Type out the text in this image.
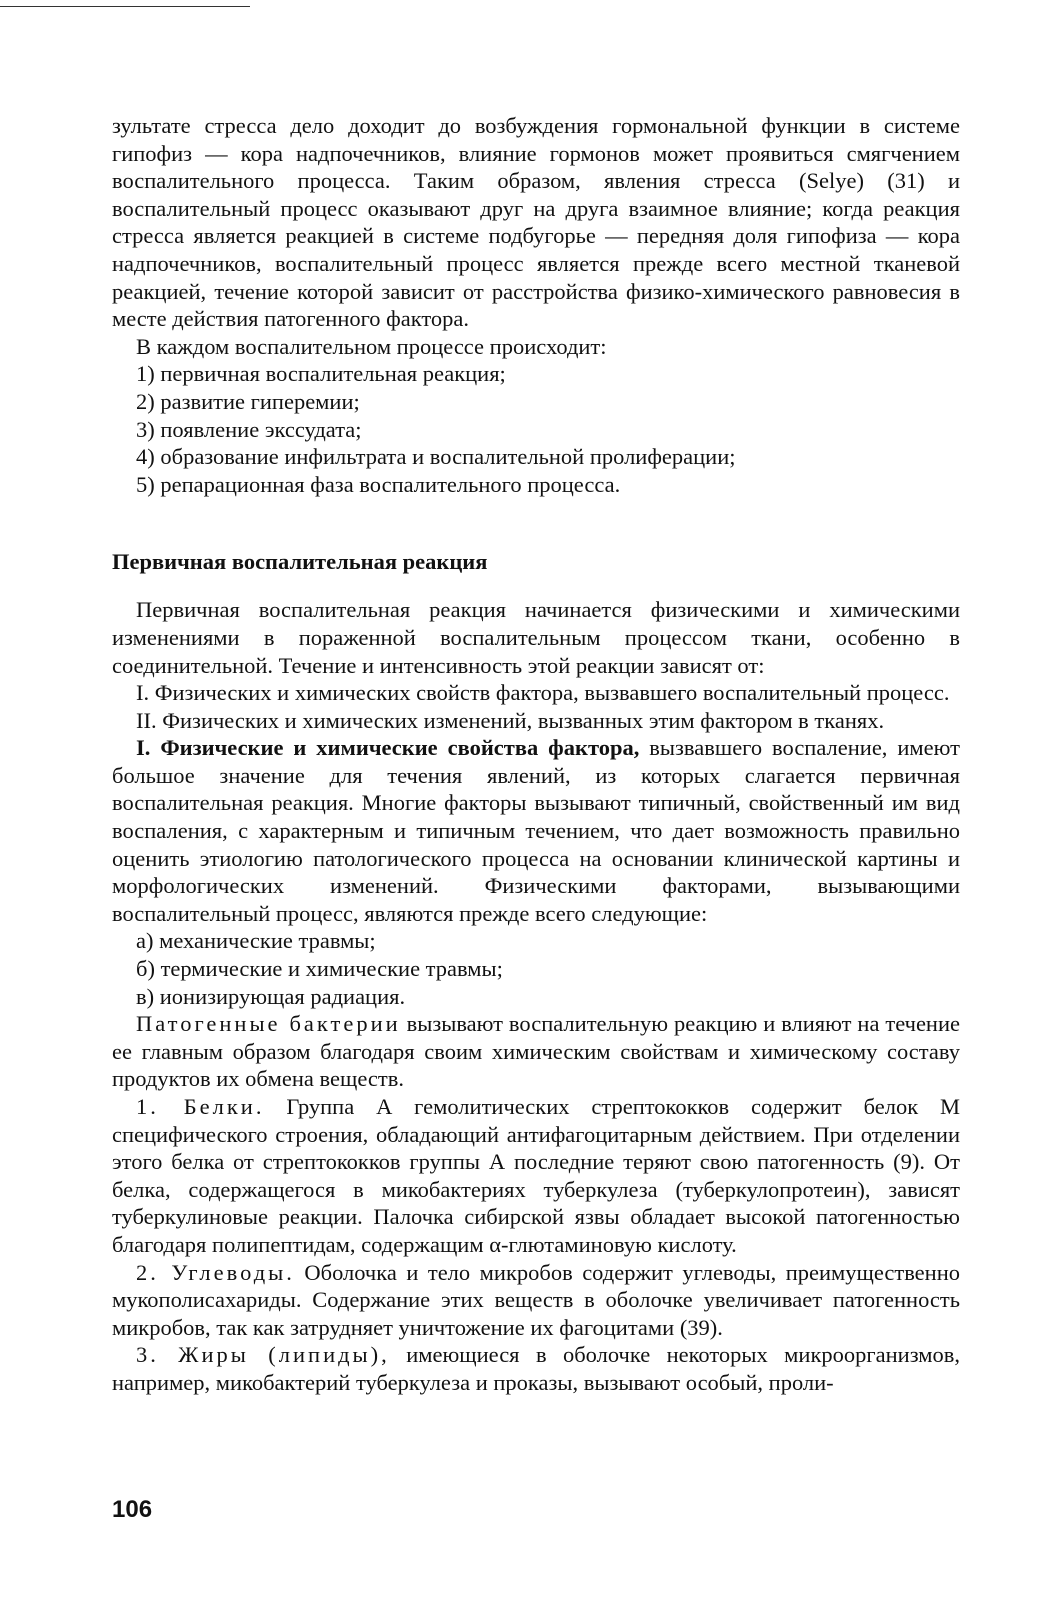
зультате стресса дело доходит до возбуждения гормональной функции в системе гипофиз — кора надпочечников, влияние гормонов может проявиться смягчением воспалительного процесса. Таким образом, явления стресса (Selye) (31) и воспалительный процесс оказывают друг на друга взаимное влияние; когда реакция стресса является реакцией в системе подбугорье — передняя доля гипофиза — кора надпочечников, воспалительный процесс является прежде всего местной тканевой реакцией, течение которой зависит от расстройства физико-химического равновесия в месте действия патогенного фактора.

В каждом воспалительном процессе происходит:

1) первичная воспалительная реакция;

2) развитие гиперемии;

3) появление экссудата;

4) образование инфильтрата и воспалительной пролиферации;

5) репарационная фаза воспалительного процесса.

Первичная воспалительная реакция

Первичная воспалительная реакция начинается физическими и химическими изменениями в пораженной воспалительным процессом ткани, особенно в соединительной. Течение и интенсивность этой реакции зависят от:

I. Физических и химических свойств фактора, вызвавшего воспалительный процесс.

II. Физических и химических изменений, вызванных этим фактором в тканях.

I. Физические и химические свойства фактора, вызвавшего воспаление, имеют большое значение для течения явлений, из которых слагается первичная воспалительная реакция. Многие факторы вызывают типичный, свойственный им вид воспаления, с характерным и типичным течением, что дает возможность правильно оценить этиологию патологического процесса на основании клинической картины и морфологических изменений. Физическими факторами, вызывающими воспалительный процесс, являются прежде всего следующие:

а) механические травмы;

б) термические и химические травмы;

в) ионизирующая радиация.

Патогенные бактерии вызывают воспалительную реакцию и влияют на течение ее главным образом благодаря своим химическим свойствам и химическому составу продуктов их обмена веществ.

1. Белки. Группа А гемолитических стрептококков содержит белок М специфического строения, обладающий антифагоцитарным действием. При отделении этого белка от стрептококков группы А последние теряют свою патогенность (9). От белка, содержащегося в микобактериях туберкулеза (туберкулопротеин), зависят туберкулиновые реакции. Палочка сибирской язвы обладает высокой патогенностью благодаря полипептидам, содержащим α-глютаминовую кислоту.

2. Углеводы. Оболочка и тело микробов содержит углеводы, преимущественно мукополисахариды. Содержание этих веществ в оболочке увеличивает патогенность микробов, так как затрудняет уничтожение их фагоцитами (39).

3. Жиры (липиды), имеющиеся в оболочке некоторых микроорганизмов, например, микобактерий туберкулеза и проказы, вызывают особый, проли-

106
